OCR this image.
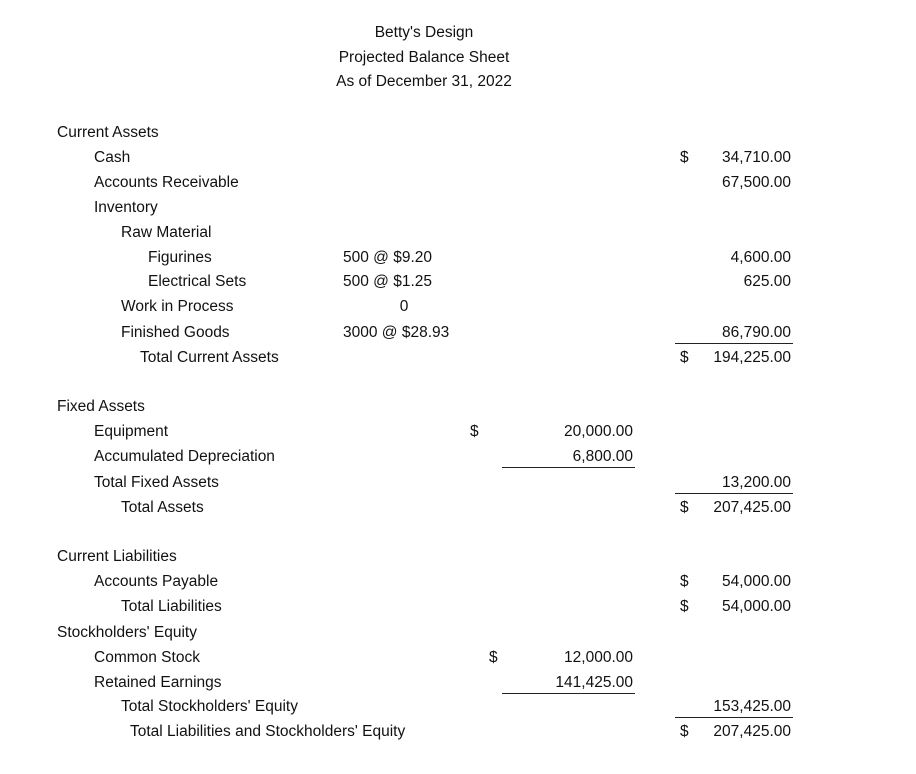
Betty's Design
Projected Balance Sheet
As of December 31, 2022
Current Assets
Cash	$	34,710.00
Accounts Receivable	67,500.00
Inventory
Raw Material
Figurines	500 @ $9.20	4,600.00
Electrical Sets	500 @ $1.25	625.00
Work in Process	0
Finished Goods	3000 @ $28.93	86,790.00
Total Current Assets	$	194,225.00
Fixed Assets
Equipment	$	20,000.00
Accumulated Depreciation	6,800.00
Total Fixed Assets	13,200.00
Total Assets	$	207,425.00
Current Liabilities
Accounts Payable	$	54,000.00
Total Liabilities	$	54,000.00
Stockholders' Equity
Common Stock	$	12,000.00
Retained Earnings	141,425.00
Total Stockholders' Equity	153,425.00
Total Liabilities and Stockholders' Equity	$	207,425.00
